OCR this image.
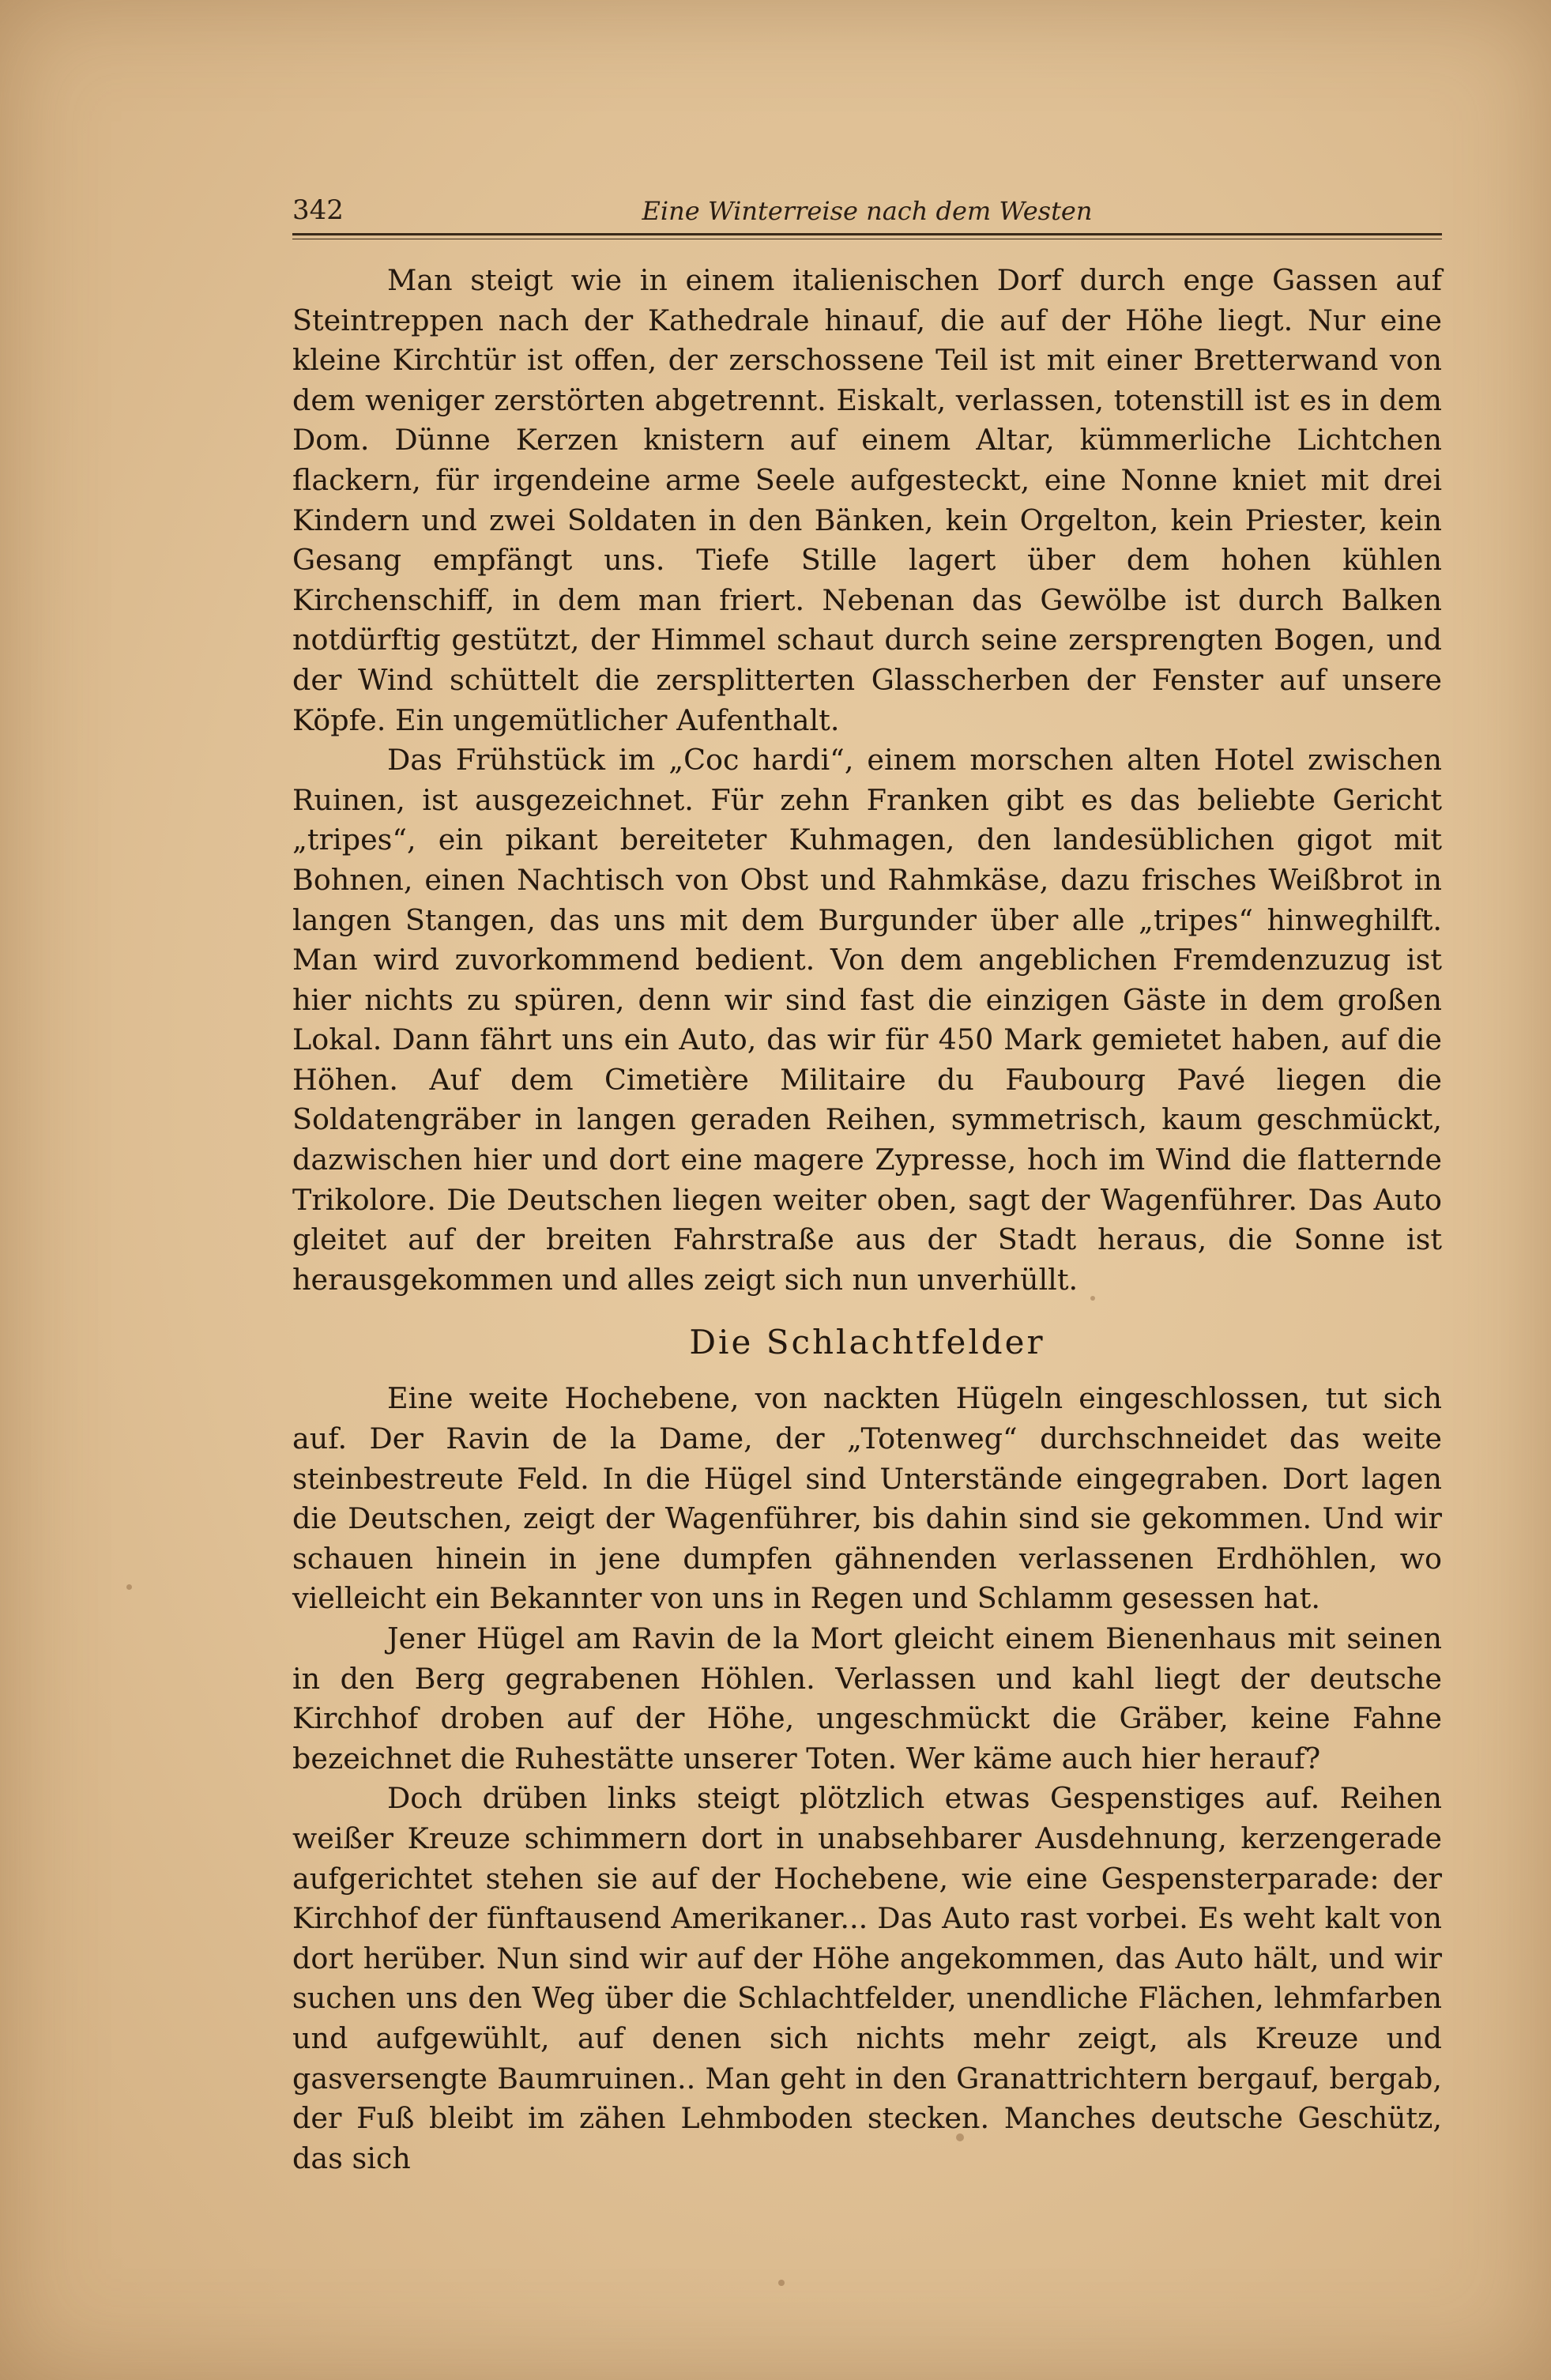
342	Eine Winterreise nach dem Westen

Man steigt wie in einem italienischen Dorf durch enge Gassen auf Steintreppen nach der Kathedrale hinauf, die auf der Höhe liegt. Nur eine kleine Kirchtür ist offen, der zerschossene Teil ist mit einer Bretterwand von dem weniger zerstörten abgetrennt. Eiskalt, verlassen, totenstill ist es in dem Dom. Dünne Kerzen knistern auf einem Altar, kümmerliche Lichtchen flackern, für irgendeine arme Seele aufgesteckt, eine Nonne kniet mit drei Kindern und zwei Soldaten in den Bänken, kein Orgelton, kein Priester, kein Gesang empfängt uns. Tiefe Stille lagert über dem hohen kühlen Kirchenschiff, in dem man friert. Nebenan das Gewölbe ist durch Balken notdürftig gestützt, der Himmel schaut durch seine zersprengten Bogen, und der Wind schüttelt die zersplitterten Glasscherben der Fenster auf unsere Köpfe. Ein ungemütlicher Aufenthalt.

Das Frühstück im „Coc hardi“, einem morschen alten Hotel zwischen Ruinen, ist ausgezeichnet. Für zehn Franken gibt es das beliebte Gericht „tripes“, ein pikant bereiteter Kuhmagen, den landesüblichen gigot mit Bohnen, einen Nachtisch von Obst und Rahmkäse, dazu frisches Weißbrot in langen Stangen, das uns mit dem Burgunder über alle „tripes“ hinweghilft. Man wird zuvorkommend bedient. Von dem angeblichen Fremdenzuzug ist hier nichts zu spüren, denn wir sind fast die einzigen Gäste in dem großen Lokal. Dann fährt uns ein Auto, das wir für 450 Mark gemietet haben, auf die Höhen. Auf dem Cimetière Militaire du Faubourg Pavé liegen die Soldatengräber in langen geraden Reihen, symmetrisch, kaum geschmückt, dazwischen hier und dort eine magere Zypresse, hoch im Wind die flatternde Trikolore. Die Deutschen liegen weiter oben, sagt der Wagenführer. Das Auto gleitet auf der breiten Fahrstraße aus der Stadt heraus, die Sonne ist herausgekommen und alles zeigt sich nun unverhüllt.

Die Schlachtfelder

Eine weite Hochebene, von nackten Hügeln eingeschlossen, tut sich auf. Der Ravin de la Dame, der „Totenweg“ durchschneidet das weite steinbestreute Feld. In die Hügel sind Unterstände eingegraben. Dort lagen die Deutschen, zeigt der Wagenführer, bis dahin sind sie gekommen. Und wir schauen hinein in jene dumpfen gähnenden verlassenen Erdhöhlen, wo vielleicht ein Bekannter von uns in Regen und Schlamm gesessen hat.

Jener Hügel am Ravin de la Mort gleicht einem Bienenhaus mit seinen in den Berg gegrabenen Höhlen. Verlassen und kahl liegt der deutsche Kirchhof droben auf der Höhe, ungeschmückt die Gräber, keine Fahne bezeichnet die Ruhestätte unserer Toten. Wer käme auch hier herauf?

Doch drüben links steigt plötzlich etwas Gespenstiges auf. Reihen weißer Kreuze schimmern dort in unabsehbarer Ausdehnung, kerzengerade aufgerichtet stehen sie auf der Hochebene, wie eine Gespensterparade: der Kirchhof der fünftausend Amerikaner... Das Auto rast vorbei. Es weht kalt von dort herüber. Nun sind wir auf der Höhe angekommen, das Auto hält, und wir suchen uns den Weg über die Schlachtfelder, unendliche Flächen, lehmfarben und aufgewühlt, auf denen sich nichts mehr zeigt, als Kreuze und gasversengte Baumruinen.. Man geht in den Granattrichtern bergauf, bergab, der Fuß bleibt im zähen Lehmboden stecken. Manches deutsche Geschütz, das sich
